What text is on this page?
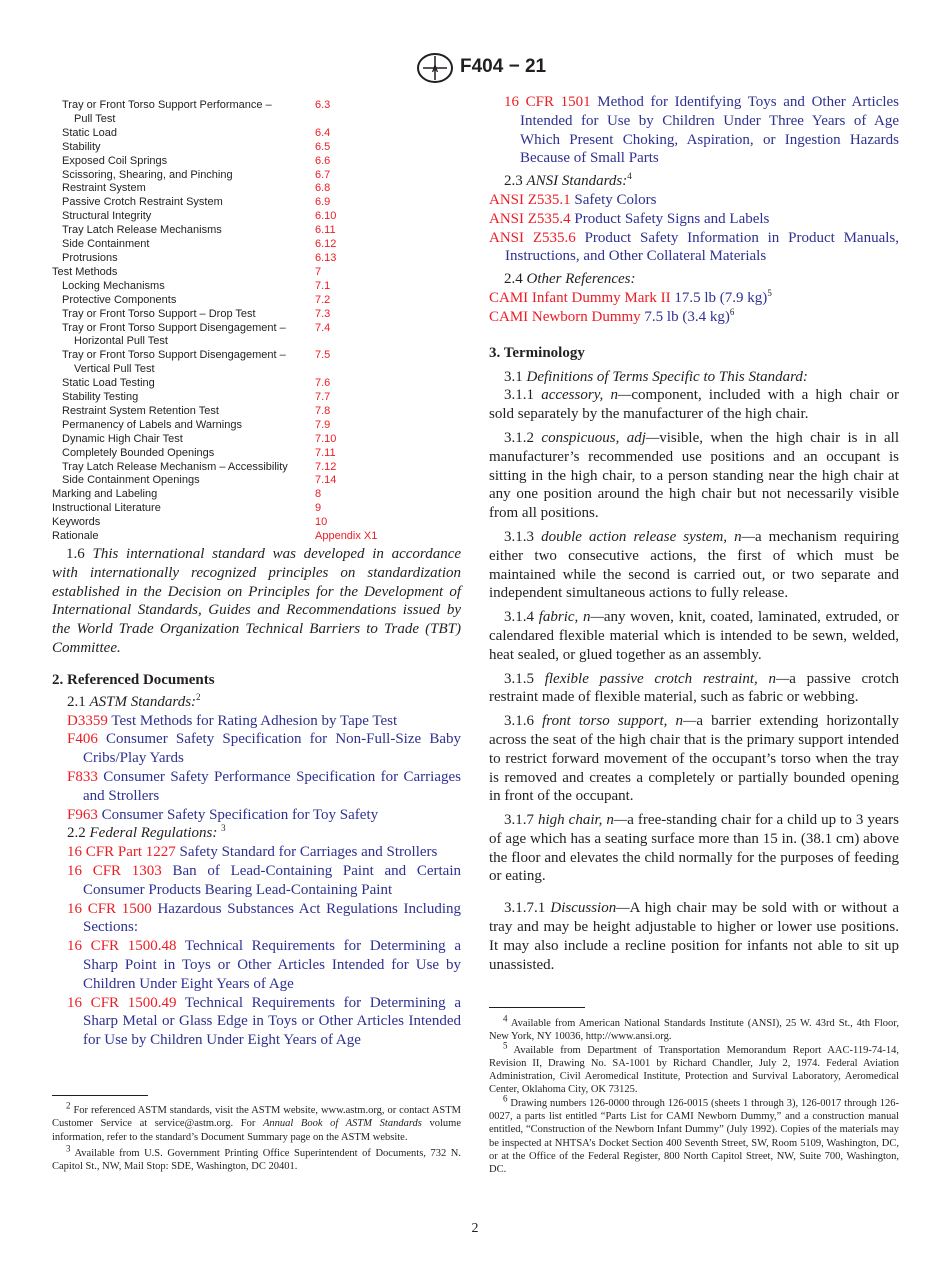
A F404 − 21
Tray or Front Torso Support Performance –	6.3
Pull Test
Static Load	6.4
Stability	6.5
Exposed Coil Springs	6.6
Scissoring, Shearing, and Pinching	6.7
Restraint System	6.8
Passive Crotch Restraint System	6.9
Structural Integrity	6.10
Tray Latch Release Mechanisms	6.11
Side Containment	6.12
Protrusions	6.13
Test Methods	7
Locking Mechanisms	7.1
Protective Components	7.2
Tray or Front Torso Support – Drop Test	7.3
Tray or Front Torso Support Disengagement –	7.4
Horizontal Pull Test
Tray or Front Torso Support Disengagement –	7.5
Vertical Pull Test
Static Load Testing	7.6
Stability Testing	7.7
Restraint System Retention Test	7.8
Permanency of Labels and Warnings	7.9
Dynamic High Chair Test	7.10
Completely Bounded Openings	7.11
Tray Latch Release Mechanism – Accessibility	7.12
Side Containment Openings	7.14
Marking and Labeling	8
Instructional Literature	9
Keywords	10
Rationale	Appendix X1

1.6 This international standard was developed in accordance with internationally recognized principles on standardization established in the Decision on Principles for the Development of International Standards, Guides and Recommendations issued by the World Trade Organization Technical Barriers to Trade (TBT) Committee.

2. Referenced Documents

2.1 ASTM Standards:$^2$

D3359 Test Methods for Rating Adhesion by Tape Test

F406 Consumer Safety Specification for Non-Full-Size Baby Cribs/Play Yards

F833 Consumer Safety Performance Specification for Carriages and Strollers

F963 Consumer Safety Specification for Toy Safety

2.2 Federal Regulations: $^3$

16 CFR Part 1227 Safety Standard for Carriages and Strollers

16 CFR 1303 Ban of Lead-Containing Paint and Certain Consumer Products Bearing Lead-Containing Paint

16 CFR 1500 Hazardous Substances Act Regulations Including Sections:

16 CFR 1500.48 Technical Requirements for Determining a Sharp Point in Toys or Other Articles Intended for Use by Children Under Eight Years of Age

16 CFR 1500.49 Technical Requirements for Determining a Sharp Metal or Glass Edge in Toys or Other Articles Intended for Use by Children Under Eight Years of Age

$^2$ For referenced ASTM standards, visit the ASTM website, www.astm.org, or contact ASTM Customer Service at service@astm.org. For Annual Book of ASTM Standards volume information, refer to the standard’s Document Summary page on the ASTM website.

$^3$ Available from U.S. Government Printing Office Superintendent of Documents, 732 N. Capitol St., NW, Mail Stop: SDE, Washington, DC 20401.

16 CFR 1501 Method for Identifying Toys and Other Articles Intended for Use by Children Under Three Years of Age Which Present Choking, Aspiration, or Ingestion Hazards Because of Small Parts

2.3 ANSI Standards:$^4$

ANSI Z535.1 Safety Colors

ANSI Z535.4 Product Safety Signs and Labels

ANSI Z535.6 Product Safety Information in Product Manuals, Instructions, and Other Collateral Materials

2.4 Other References:

CAMI Infant Dummy Mark II 17.5 lb (7.9 kg)$^5$

CAMI Newborn Dummy 7.5 lb (3.4 kg)$^6$

3. Terminology

3.1 Definitions of Terms Specific to This Standard:

3.1.1 accessory, n—component, included with a high chair or sold separately by the manufacturer of the high chair.

3.1.2 conspicuous, adj—visible, when the high chair is in all manufacturer’s recommended use positions and an occupant is sitting in the high chair, to a person standing near the high chair at any one position around the high chair but not necessarily visible from all positions.

3.1.3 double action release system, n—a mechanism requiring either two consecutive actions, the first of which must be maintained while the second is carried out, or two separate and independent simultaneous actions to fully release.

3.1.4 fabric, n—any woven, knit, coated, laminated, extruded, or calendared flexible material which is intended to be sewn, welded, heat sealed, or glued together as an assembly.

3.1.5 flexible passive crotch restraint, n—a passive crotch restraint made of flexible material, such as fabric or webbing.

3.1.6 front torso support, n—a barrier extending horizontally across the seat of the high chair that is the primary support intended to restrict forward movement of the occupant’s torso when the tray is removed and creates a completely or partially bounded opening in front of the occupant.

3.1.7 high chair, n—a free-standing chair for a child up to 3 years of age which has a seating surface more than 15 in. (38.1 cm) above the floor and elevates the child normally for the purposes of feeding or eating.

3.1.7.1 Discussion—A high chair may be sold with or without a tray and may be height adjustable to higher or lower use positions. It may also include a recline position for infants not able to sit up unassisted.

$^4$ Available from American National Standards Institute (ANSI), 25 W. 43rd St., 4th Floor, New York, NY 10036, http://www.ansi.org.

$^5$ Available from Department of Transportation Memorandum Report AAC-119-74-14, Revision II, Drawing No. SA-1001 by Richard Chandler, July 2, 1974. Federal Aviation Administration, Civil Aeromedical Institute, Protection and Survival Laboratory, Aeromedical Center, Oklahoma City, OK 73125.

$^6$ Drawing numbers 126-0000 through 126-0015 (sheets 1 through 3), 126-0017 through 126-0027, a parts list entitled “Parts List for CAMI Newborn Dummy,” and a construction manual entitled, “Construction of the Newborn Infant Dummy” (July 1992). Copies of the materials may be inspected at NHTSA’s Docket Section 400 Seventh Street, SW, Room 5109, Washington, DC, or at the Office of the Federal Register, 800 North Capitol Street, NW, Suite 700, Washington, DC.

2
